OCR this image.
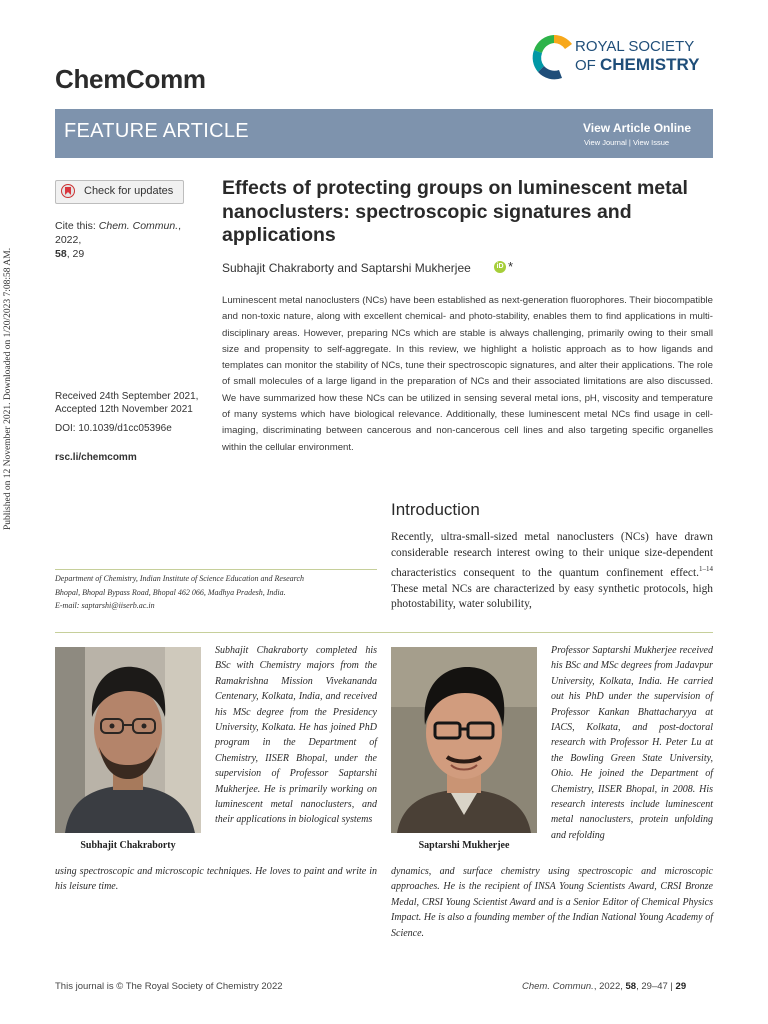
Published on 12 November 2021. Downloaded on 1/20/2023 7:08:58 AM.
ChemComm
ROYAL SOCIETY
OF CHEMISTRY
FEATURE ARTICLE	View Article Online
View Journal | View Issue
Check for updates
Cite this: Chem. Commun., 2022,
58, 29
Received 24th September 2021,
Accepted 12th November 2021
DOI: 10.1039/d1cc05396e
rsc.li/chemcomm
Effects of protecting groups on luminescent metal nanoclusters: spectroscopic signatures and applications
Subhajit Chakraborty and Saptarshi Mukherjee	iD *
Luminescent metal nanoclusters (NCs) have been established as next-generation fluorophores. Their biocompatible and non-toxic nature, along with excellent chemical- and photo-stability, enables them to find applications in multi-disciplinary areas. However, preparing NCs which are stable is always challenging, primarily owing to their small size and propensity to self-aggregate. In this review, we highlight a holistic approach as to how ligands and templates can monitor the stability of NCs, tune their spectroscopic signatures, and alter their applications. The role of small molecules of a large ligand in the preparation of NCs and their associated limitations are also discussed. We have summarized how these NCs can be utilized in sensing several metal ions, pH, viscosity and temperature of many systems which have biological relevance. Additionally, these luminescent metal NCs find usage in cell-imaging, discriminating between cancerous and non-cancerous cell lines and also targeting specific organelles within the cellular environment.
Introduction
Recently, ultra-small-sized metal nanoclusters (NCs) have drawn considerable research interest owing to their unique size-dependent characteristics consequent to the quantum confinement effect.$^{1-14}$ These metal NCs are characterized by easy synthetic protocols, high photostability, water solubility,
Department of Chemistry, Indian Institute of Science Education and Research
Bhopal, Bhopal Bypass Road, Bhopal 462 066, Madhya Pradesh, India.
E-mail: saptarshi@iiserb.ac.in
Subhajit Chakraborty
Subhajit Chakraborty completed his BSc with Chemistry majors from the Ramakrishna Mission Vivekananda Centenary, Kolkata, India, and received his MSc degree from the Presidency University, Kolkata. He has joined PhD program in the Department of Chemistry, IISER Bhopal, under the supervision of Professor Saptarshi Mukherjee. He is primarily working on luminescent metal nanoclusters, and their applications in biological systems
using spectroscopic and microscopic techniques. He loves to paint and write in his leisure time.
Saptarshi Mukherjee
Professor Saptarshi Mukherjee received his BSc and MSc degrees from Jadavpur University, Kolkata, India. He carried out his PhD under the supervision of Professor Kankan Bhattacharyya at IACS, Kolkata, and post-doctoral research with Professor H. Peter Lu at the Bowling Green State University, Ohio. He joined the Department of Chemistry, IISER Bhopal, in 2008. His research interests include luminescent metal nanoclusters, protein unfolding and refolding
dynamics, and surface chemistry using spectroscopic and microscopic approaches. He is the recipient of INSA Young Scientists Award, CRSI Bronze Medal, CRSI Young Scientist Award and is a Senior Editor of Chemical Physics Impact. He is also a founding member of the Indian National Young Academy of Science.
This journal is © The Royal Society of Chemistry 2022	Chem. Commun., 2022, 58, 29–47 | 29
